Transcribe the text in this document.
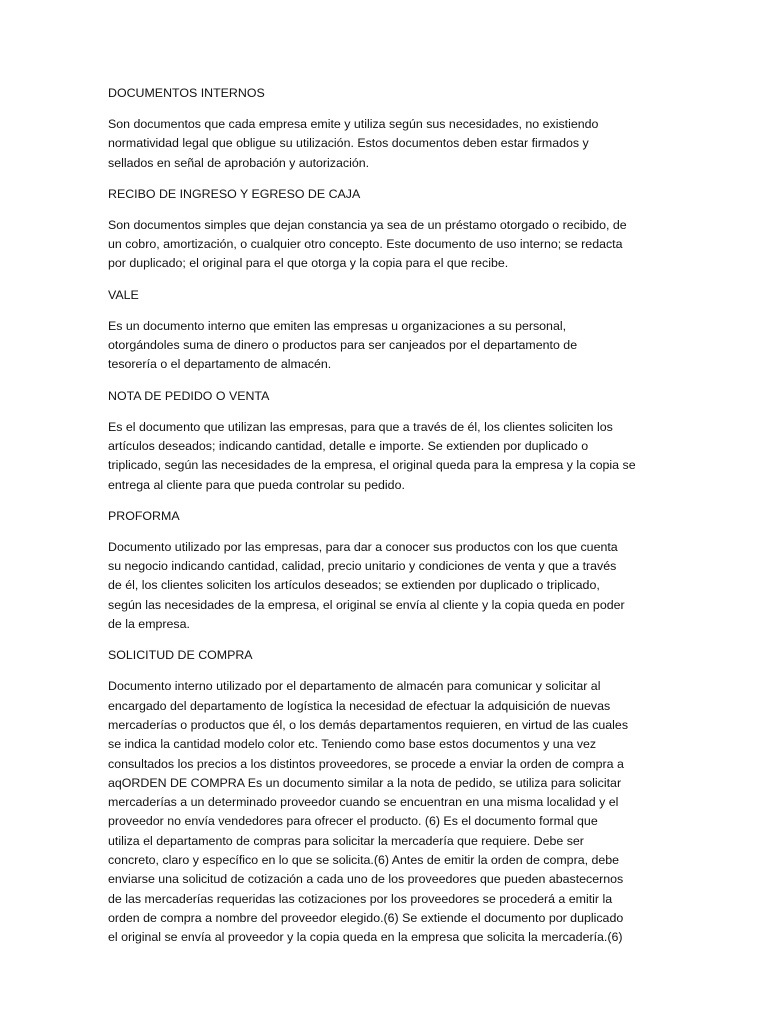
DOCUMENTOS INTERNOS

Son documentos que cada empresa emite y utiliza según sus necesidades, no existiendo
normatividad legal que obligue su utilización. Estos documentos deben estar firmados y
sellados en señal de aprobación y autorización.

RECIBO DE INGRESO Y EGRESO DE CAJA

Son documentos simples que dejan constancia ya sea de un préstamo otorgado o recibido, de
un cobro, amortización, o cualquier otro concepto. Este documento de uso interno; se redacta
por duplicado; el original para el que otorga y la copia para el que recibe.

VALE

Es un documento interno que emiten las empresas u organizaciones a su personal,
otorgándoles suma de dinero o productos para ser canjeados por el departamento de
tesorería o el departamento de almacén.

NOTA DE PEDIDO O VENTA

Es el documento que utilizan las empresas, para que a través de él, los clientes soliciten los
artículos deseados; indicando cantidad, detalle e importe. Se extienden por duplicado o
triplicado, según las necesidades de la empresa, el original queda para la empresa y la copia se
entrega al cliente para que pueda controlar su pedido.

PROFORMA

Documento utilizado por las empresas, para dar a conocer sus productos con los que cuenta
su negocio indicando cantidad, calidad, precio unitario y condiciones de venta y que a través
de él, los clientes soliciten los artículos deseados; se extienden por duplicado o triplicado,
según las necesidades de la empresa, el original se envía al cliente y la copia queda en poder
de la empresa.

SOLICITUD DE COMPRA

Documento interno utilizado por el departamento de almacén para comunicar y solicitar al
encargado del departamento de logística la necesidad de efectuar la adquisición de nuevas
mercaderías o productos que él, o los demás departamentos requieren, en virtud de las cuales
se indica la cantidad modelo color etc. Teniendo como base estos documentos y una vez
consultados los precios a los distintos proveedores, se procede a enviar la orden de compra a
aqORDEN DE COMPRA Es un documento similar a la nota de pedido, se utiliza para solicitar
mercaderías a un determinado proveedor cuando se encuentran en una misma localidad y el
proveedor no envía vendedores para ofrecer el producto. (6) Es el documento formal que
utiliza el departamento de compras para solicitar la mercadería que requiere. Debe ser
concreto, claro y específico en lo que se solicita.(6) Antes de emitir la orden de compra, debe
enviarse una solicitud de cotización a cada uno de los proveedores que pueden abastecernos
de las mercaderías requeridas las cotizaciones por los proveedores se procederá a emitir la
orden de compra a nombre del proveedor elegido.(6) Se extiende el documento por duplicado
el original se envía al proveedor y la copia queda en la empresa que solicita la mercadería.(6)
